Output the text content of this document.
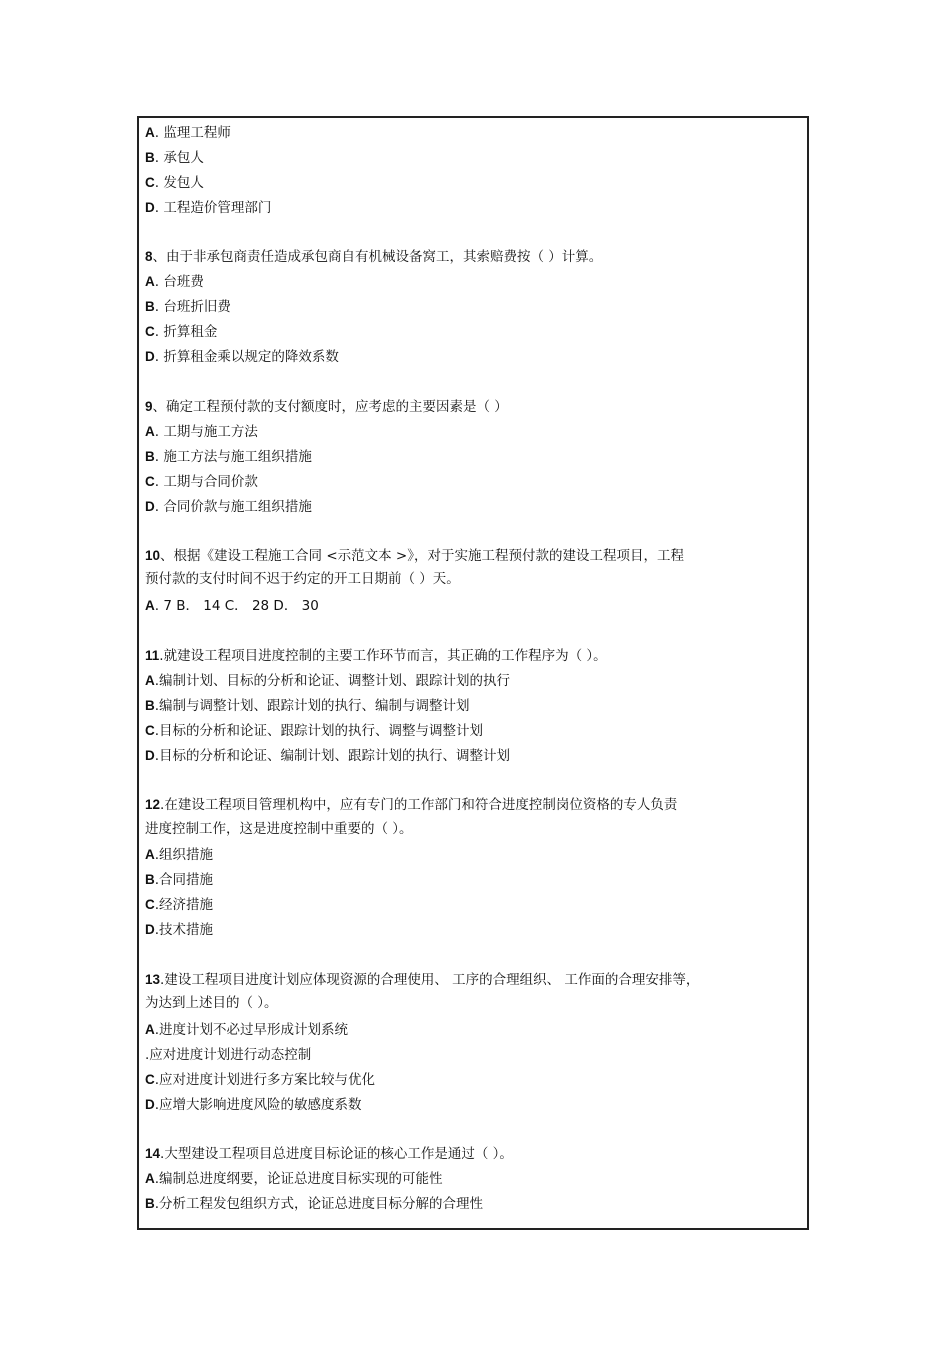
A. 监理工程师
B. 承包人
C. 发包人
D. 工程造价管理部门
8、由于非承包商责任造成承包商自有机械设备窝工，其索赔费按（ ）计算。
A. 台班费
B. 台班折旧费
C. 折算租金
D. 折算租金乘以规定的降效系数
9、确定工程预付款的支付额度时，应考虑的主要因素是（ ）
A. 工期与施工方法
B. 施工方法与施工组织措施
C. 工期与合同价款
D. 合同价款与施工组织措施
10、根据《建设工程施工合同 <示范文本 >》，对于实施工程预付款的建设工程项目，工程
预付款的支付时间不迟于约定的开工日期前（ ）天。
A. 7 B． 14 C． 28 D． 30
11.就建设工程项目进度控制的主要工作环节而言，其正确的工作程序为（ ）。
A.编制计划、目标的分析和论证、调整计划、跟踪计划的执行
B.编制与调整计划、跟踪计划的执行、编制与调整计划
C.目标的分析和论证、跟踪计划的执行、调整与调整计划
D.目标的分析和论证、编制计划、跟踪计划的执行、调整计划
12.在建设工程项目管理机构中，应有专门的工作部门和符合进度控制岗位资格的专人负责
进度控制工作，这是进度控制中重要的（ ）。
A.组织措施
B.合同措施
C.经济措施
D.技术措施
13.建设工程项目进度计划应体现资源的合理使用、 工序的合理组织、 工作面的合理安排等，
为达到上述目的（ ）。
A.进度计划不必过早形成计划系统
.应对进度计划进行动态控制
C.应对进度计划进行多方案比较与优化
D.应增大影响进度风险的敏感度系数
14.大型建设工程项目总进度目标论证的核心工作是通过（ ）。
A.编制总进度纲要，论证总进度目标实现的可能性
B.分析工程发包组织方式，论证总进度目标分解的合理性
